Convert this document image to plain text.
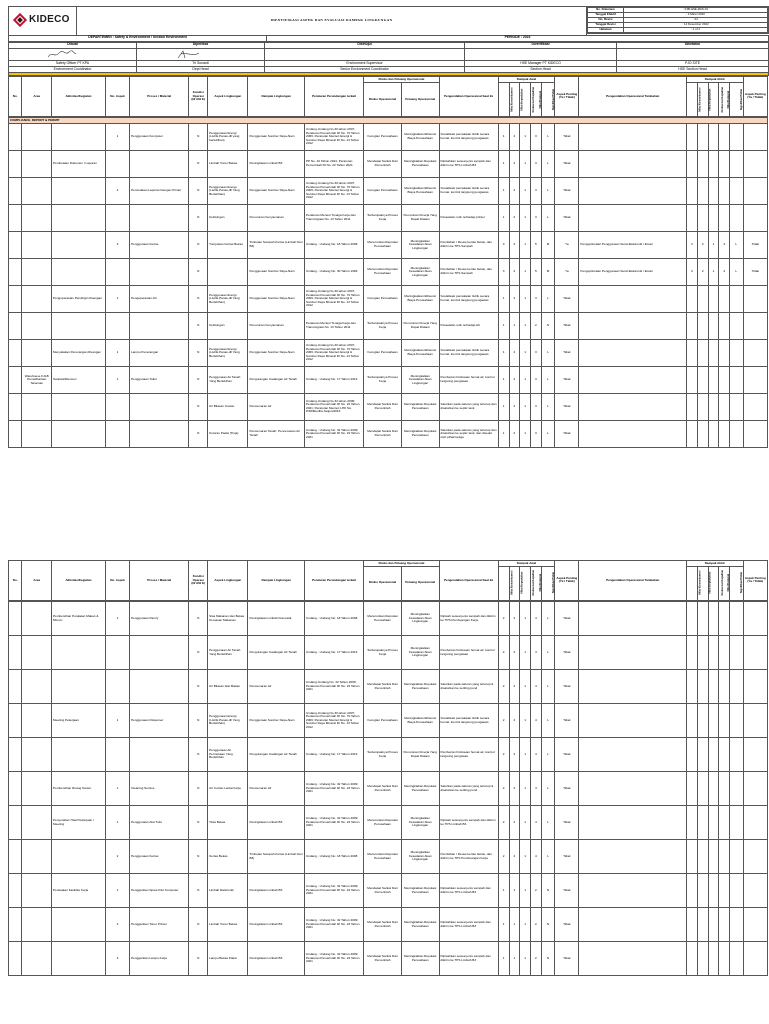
KIDECO	IDENTIFIKASI ASPEK DAN EVALUASI DAMPAK LINGKUNGAN	
No. Dokumen	: KJB-HSE-RAS-01
Tanggal Efektif	: 3 Maret 2020
No. Revisi	: 01
Tanggal Revisi	: 14 Desember 2022
Halaman	: 1 of 1

DEPARTEMEN : Safety & Environment / Section Environment	PERIODE : 2023
Dibuat	Diperiksa	Disetujui	Diverifikasi	Diketahui

Safety Officer PT KPA	Tri Sunardi	Environment Supervisor	HSE Manager PT KIDECO	PJO SITE
Environment Coordinator	Dept Head	Senior Environment Coordinator	Section Head	HSE Section Head

No.	Area	Aktivitas/Kegiatan	No. Aspek	Proses / Material	Kondisi Operasi (N/ AN/ E)	Aspek Lingkungan	Dampak Lingkungan	Peraturan Perundangan terkait	Risiko dan Peluang Operasional		Pengendalian Operasional Saat Ini	Dampak Awal					Aspek Penting (Ya / Tidak)	Pengendalian Operasional Tambahan	Dampak Akhir					Aspek Penting (Ya / Tidak)
									Risiko Operasional	Peluang Operasional		Nilai Konsekuensi	Nilai Kepedulian	Frekuensi Kejadian	Nilai Dampak	Signifikan/Tidak			Nilai Konsekuensi	Nilai Kepedulian	Frekuensi Kejadian	Nilai Dampak	Signifikan/Tidak	

COMPLIANCE, REPORT & PERMIT																								
			1	Penggunaan Komputer	N	Penggunaan Energi (Listrik,Panas,dll yang berlebihan)	Penggunaan Sumber Daya Alam	Undang-Undang No.30 tahun 2007; Peraturan Pemerintah RI No. 70 Tahun 2009; Peraturan Menteri Energi & Sumber Daya Mineral RI No. 13 Tahun 2012	Kerugian Perusahaan	Meningkatkan Efisiensi Biaya Perusahaan	Sosialisasi pemakaian listrik secara hemat, kontrol langsung pengawas	1	2	1	3	L	Tidak							
		Pembuatan Dokumen / Laporan			N	Limbah Toner Bekas	Peningkatan Limbah B3	PP No. 22 Tahun 2021; Peraturan Pemerintah RI No. 22 Tahun 2021	Mendapat Sanksi Dari Pemerintah	Meningkatkan Reputasi Perusahaan	Dipisahkan sesuai jenis sampah dan dikirim ke TPS Limbah B3	1	2	1	3	L	Tidak							
			2	Pencetakan Laporan Dengan Printer	N	Penggunaan Energi (Listrik,Panas,dll Yang Berlebihan)	Penggunaan Sumber Daya Alam	Undang-Undang No.30 tahun 2007; Peraturan Pemerintah RI No. 70 Tahun 2009; Peraturan Menteri Energi & Sumber Daya Mineral RI No. 13 Tahun 2012	Kerugian Perusahaan	Meningkatkan Efisiensi Biaya Perusahaan	Sosialisasi pemakaian listrik secara hemat, kontrol langsung pengawas	1	2	1	3	L	Tidak							
					N	Kebisingan	Penurunan Kenyamanan	Peraturan Menteri Tenaga Kerja dan Transmigrasi No. 13 Tahun 2011	Terdampaknya Proses Kerja	Penurunan Kinerja Yang Dapat Diatasi	Perawatan rutin terhadap printer	1	2	1	3	L	Tidak							
			3	Penggunaan Kertas	N	Tumpukan Kertas Bekas	Timbulan Sampah Kertas (Limbah Non B3)	Undang - Undang No. 18 Tahun 2008	Menurunkan Reputasi Perusahaan	Meningkatkan Kesadaran Akan Lingkungan	Pemilahan / Reuse kertas bekas, dan dikirim ke TPS Sampah	3	2	1	5	M	Ya	Pengoptimalan Penggunaan Surat Elektronik / Email	2	2	1	4	L	Tidak
					N		Penggunaan Sumber Daya Alam	Undang - Undang No. 30 Tahun 1999	Menurunkan Reputasi Perusahaan	Meningkatkan Kesadaran Akan Lingkungan	Pemilahan / Reuse kertas bekas, dan dikirim ke TPS Sampah	3	2	1	5	M	Ya	Pengoptimalan Penggunaan Surat Elektronik / Email	2	2	1	4	L	Tidak
		Pengoperasian Pendingin Ruangan	1	Pengoperasian AC	N	Penggunaan Energi (Listrik,Panas,dll Yang Berlebihan)	Penggunaan Sumber Daya Alam	Undang-Undang No.30 tahun 2007; Peraturan Pemerintah RI No. 70 Tahun 2009; Peraturan Menteri Energi & Sumber Daya Mineral RI No. 13 Tahun 2012	Kerugian Perusahaan	Meningkatkan Efisiensi Biaya Perusahaan	Sosialisasi pemakaian listrik secara hemat, kontrol langsung pengawas	1	2	1	3	L	Tidak							
					N	Kebisingan	Penurunan Kenyamanan	Peraturan Menteri Tenaga Kerja dan Transmigrasi No. 13 Tahun 2011	Terdampaknya Proses Kerja	Penurunan Kinerja Yang Dapat Diatasi	Perawatan rutin terhadap AC	1	1	1	2	N	Tidak							
		Menyalakan Penerangan Ruangan	1	Lampu Penerangan	N	Penggunaan Energi (Listrik,Panas,dll Yang Berlebihan)	Penggunaan Sumber Daya Alam	Undang-Undang No.30 tahun 2007; Peraturan Pemerintah RI No. 70 Tahun 2009; Peraturan Menteri Energi & Sumber Daya Mineral RI No. 13 Tahun 2012	Kerugian Perusahaan	Meningkatkan Efisiensi Biaya Perusahaan	Sosialisasi pemakaian listrik secara hemat, kontrol langsung pengawas	1	2	1	3	L	Tidak							
	Warehouse KJLB Pemeliharaan Tanaman	Sanitasi/Mencuci	1	Penggunaan Toilet	N	Penggunaan Air Tanah Yang Berlebihan	Pengurangan Cadangan Air Tanah	Undang - Undang No. 17 Tahun 2019	Terdampaknya Proses Kerja	Meningkatkan Kesadaran Akan Lingkungan	Pemberian himbauan hemat air, kontrol langsung pengawas	1	2	1	3	L	Tidak							
					N	Air Bilasan Cucian	Pencemaran Air	Undang-Undang No.32 tahun 2009; Peraturan Pemerintah RI No. 22 Tahun 2021; Peraturan Menteri LHK No. P.68/Menlhk-Setjen/2016	Mendapat Sanksi Dari Pemerintah	Meningkatkan Reputasi Perusahaan	Salurkan pada saluran yang tertutup dan disalurkan ke septic tank	1	2	1	3	L	Tidak							
					N	Kotoran Padat (Tinja)	Pencemaran Tanah; Pencemaran Air Tanah	Undang - Undang No. 32 Tahun 2009; Peraturan Pemerintah RI No. 22 Tahun 2021	Mendapat Sanksi Dari Pemerintah	Meningkatkan Reputasi Perusahaan	Salurkan pada saluran yang tertutup dan disalurkan ke septic tank, dan disedot oleh pihak ketiga	1	2	1	3	L	Tidak							
No.	Area	Aktivitas/Kegiatan	No. Aspek	Proses / Material	Kondisi Operasi (N/ AN/ E)	Aspek Lingkungan	Dampak Lingkungan	Peraturan Perundangan terkait	Risiko dan Peluang Operasional		Pengendalian Operasional Saat Ini	Dampak Awal					Aspek Penting (Ya / Tidak)	Pengendalian Operasional Tambahan	Dampak Akhir					Aspek Penting (Ya / Tidak)
									Risiko Operasional	Peluang Operasional		Nilai Konsekuensi	Nilai Kepedulian	Frekuensi Kejadian	Nilai Dampak	Signifikan/Tidak			Nilai Konsekuensi	Nilai Kepedulian	Frekuensi Kejadian	Nilai Dampak	Signifikan/Tidak	

		Pembersihan Peralatan Makan & Minum	1	Penggunaan Pantry	N	Sisa Makanan dan Bekas Kemasan Makanan	Peningkatan Limbah Domestik	Undang - Undang No. 18 Tahun 2008	Menurunkan Reputasi Perusahaan	Meningkatkan Kesadaran Akan Lingkungan	Dipisah sesuai jenis sampah dan dikirim ke TPS Pembuangan Kerja	2	2	1	4	L	Tidak							
					N	Penggunaan Air Tanah Yang Berlebihan	Pengurangan Cadangan Air Tanah	Undang - Undang No. 17 Tahun 2019	Terdampaknya Proses Kerja	Meningkatkan Kesadaran Akan Lingkungan	Pemberian himbauan hemat air, kontrol langsung pengawas	2	2	1	4	L	Tidak							
					N	Air Bilasan Alat Makan	Pencemaran Air	Undang-Undang No. 32 Tahun 2009; Peraturan Pemerintah RI No. 22 Tahun 2021	Mendapat Sanksi Dari Pemerintah	Meningkatkan Reputasi Perusahaan	Salurkan pada saluran yang tertutup & disalurkan ke settling pond	2	2	1	4	L	Tidak							
		Meeting Pekerjaan	1	Penggunaan Dispenser	N	Penggunaan Energi (Listrik,Panas,dll Yang Berlebihan)	Penggunaan Sumber Daya Alam	Undang-Undang No.30 tahun 2007; Peraturan Pemerintah RI No. 70 Tahun 2009; Peraturan Menteri Energi & Sumber Daya Mineral RI No. 13 Tahun 2012	Kerugian Perusahaan	Meningkatkan Efisiensi Biaya Perusahaan	Sosialisasi pemakaian listrik secara hemat, kontrol langsung pengawas	2	2	1	4	L	Tidak							
					N	Penggunaan Air Permukaan Yang Berlebihan	Pengurangan Cadangan Air Tanah	Undang - Undang No. 17 Tahun 2019	Terdampaknya Proses Kerja	Penurunan Kinerja Yang Dapat Diatasi	Pemberian himbauan hemat air, kontrol langsung pengawas	2	2	1	4	L	Tidak							
		Pembersihan Ruang Kantor	1	Cleaning Service	N	Air Cucian Lantai Kerja	Pencemaran Air	Undang - Undang No. 32 Tahun 2009; Peraturan Pemerintah RI No. 22 Tahun 2021	Mendapat Sanksi Dari Pemerintah	Meningkatkan Reputasi Perusahaan	Salurkan pada saluran yang tertutup & disalurkan ke settling pond	2	2	1	4	L	Tidak							
		Penyerahan Hasil Pekerjaan / Meeting	1	Penggunaan Alat Tulis	N	Tinta Bekas	Peningkatan Limbah B3	Undang - Undang No. 32 Tahun 2009; Peraturan Pemerintah RI No. 22 Tahun 2021	Menurunkan Reputasi Perusahaan	Meningkatkan Kesadaran Akan Lingkungan	Dipisah sesuai jenis sampah dan dikirim ke TPS Limbah B3	2	2	1	4	L	Tidak							
			2	Penggunaan Kertas	N	Kertas Bekas	Timbulan Sampah Kertas (Limbah Non B3)	Undang - Undang No. 18 Tahun 2008	Menurunkan Reputasi Perusahaan	Meningkatkan Kesadaran Akan Lingkungan	Pemilahan / Reuse kertas bekas, dan dikirim ke TPS Pembuangan Kerja	2	2	1	4	L	Tidak							
		Perawatan Fasilitas Kerja	1	Penggantian Spare Part Komputer	N	Limbah Elektronik	Peningkatan Limbah B3	Undang - Undang No. 32 Tahun 2009; Peraturan Pemerintah RI No. 22 Tahun 2021	Mendapat Sanksi Dari Pemerintah	Meningkatkan Reputasi Perusahaan	Dipisahkan sesuai jenis sampah dan dikirim ke TPS Limbah B3	1	1	1	2	N	Tidak							
			2	Penggantian Toner Printer	N	Limbah Toner Bekas	Peningkatan Limbah B3	Undang - Undang No. 32 Tahun 2009; Peraturan Pemerintah RI No. 22 Tahun 2021	Mendapat Sanksi Dari Pemerintah	Meningkatkan Reputasi Perusahaan	Dipisahkan sesuai jenis sampah dan dikirim ke TPS Limbah B3	1	1	1	2	N	Tidak							
			3	Penggantian Lampu Kerja	N	Lampu Bekas Pakai	Peningkatan Limbah B3	Undang - Undang No. 32 Tahun 2009; Peraturan Pemerintah RI No. 22 Tahun 2021	Mendapat Sanksi Dari Pemerintah	Meningkatkan Reputasi Perusahaan	Dipisahkan sesuai jenis sampah dan dikirim ke TPS Limbah B3	1	1	1	2	N	Tidak							
